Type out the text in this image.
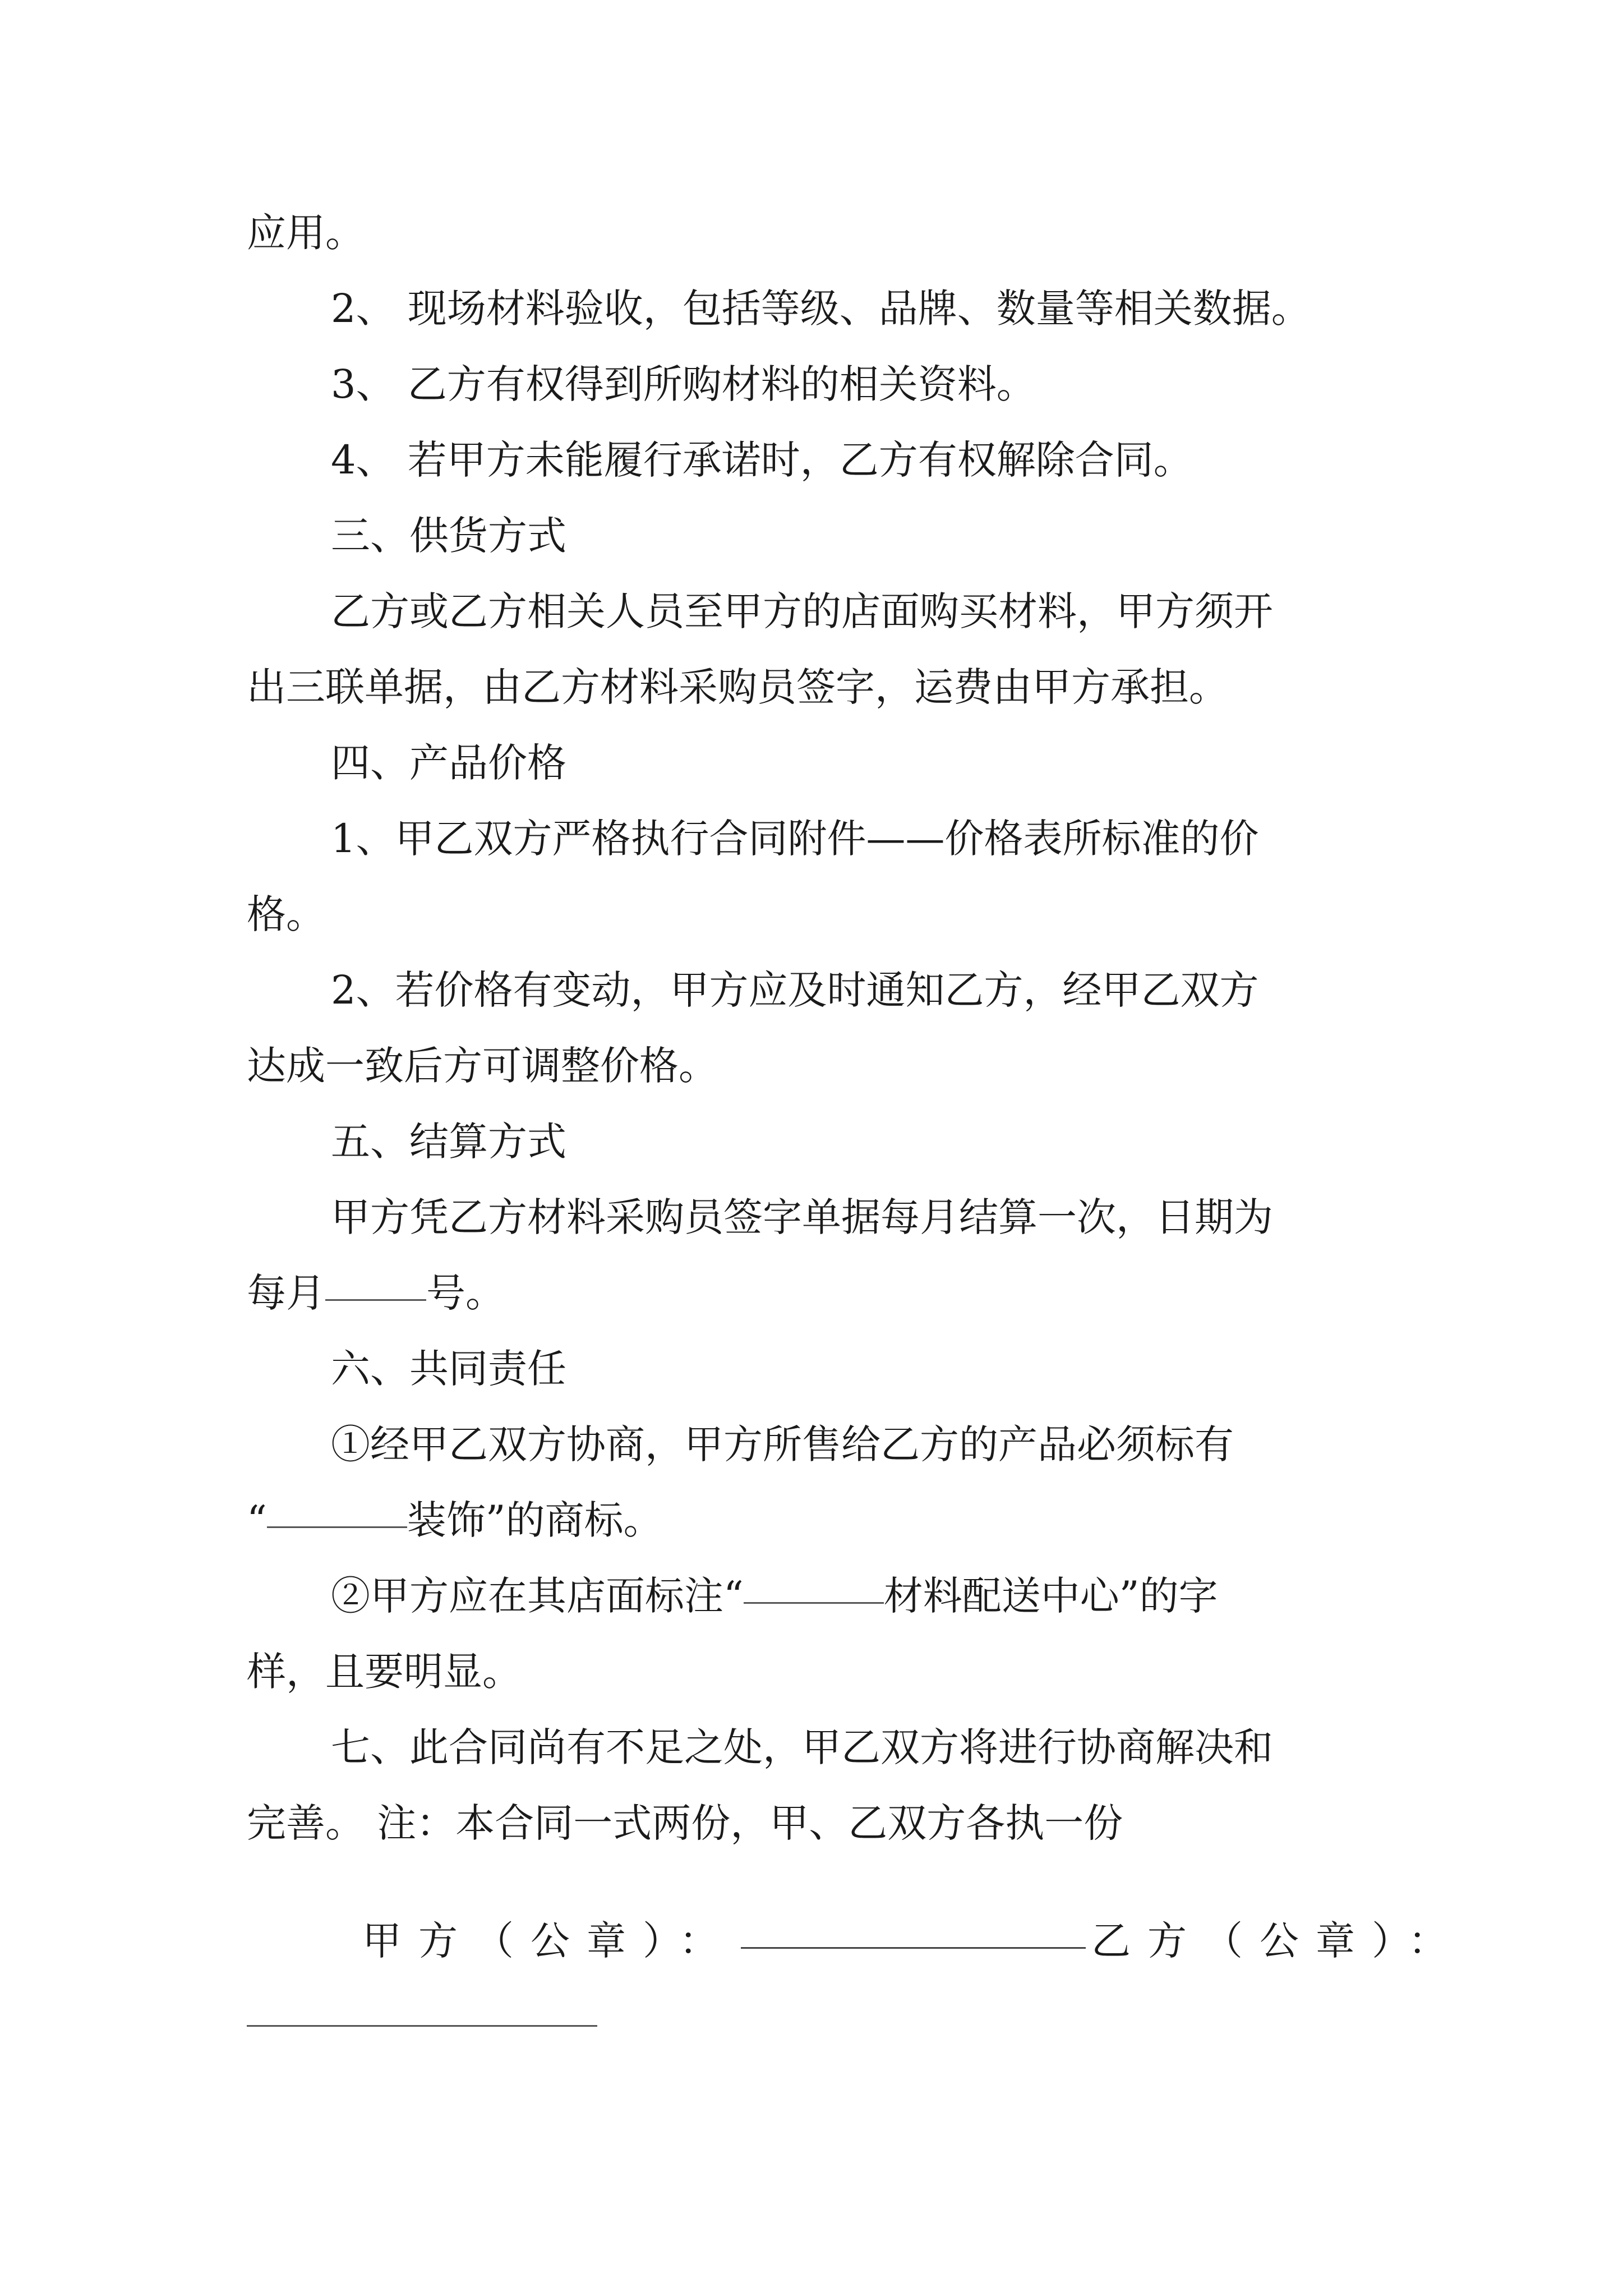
应用。
2、 现场材料验收，包括等级、品牌、数量等相关数据。
3、 乙方有权得到所购材料的相关资料。
4、 若甲方未能履行承诺时，乙方有权解除合同。
三、供货方式
乙方或乙方相关人员至甲方的店面购买材料，甲方须开
出三联单据，由乙方材料采购员签字，运费由甲方承担。
四、产品价格
1、甲乙双方严格执行合同附件——价格表所标准的价
格。
2、若价格有变动，甲方应及时通知乙方，经甲乙双方
达成一致后方可调整价格。
五、结算方式
甲方凭乙方材料采购员签字单据每月结算一次，日期为
每月	号。
六、共同责任
①经甲乙双方协商，甲方所售给乙方的产品必须标有
“	装饰”的商标。
②甲方应在其店面标注“	材料配送中心”的字
样，且要明显。
七、此合同尚有不足之处，甲乙双方将进行协商解决和
完善。 注：本合同一式两份，甲、乙双方各执一份
甲方（公章）：	乙方（公章）：
